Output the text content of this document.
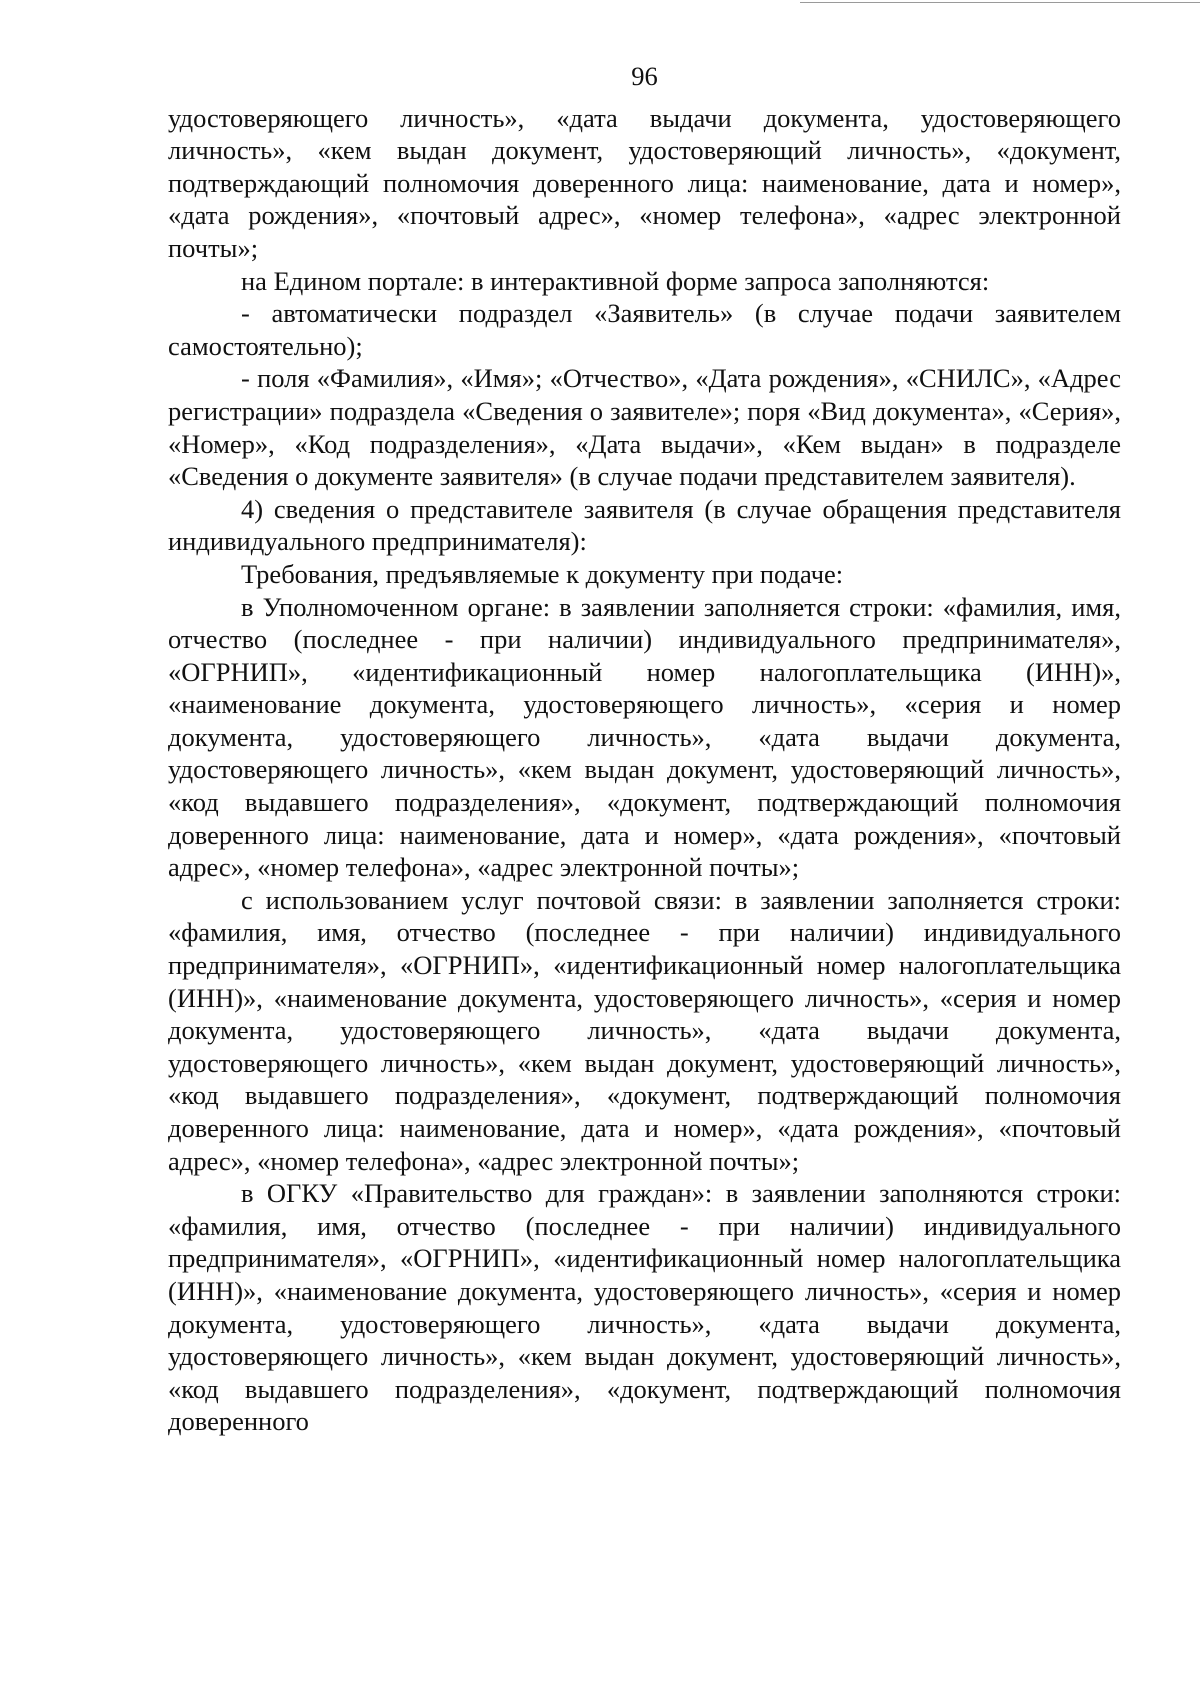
96

удостоверяющего личность», «дата выдачи документа, удостоверяющего личность», «кем выдан документ, удостоверяющий личность», «документ, подтверждающий полномочия доверенного лица: наименование, дата и номер», «дата рождения», «почтовый адрес», «номер телефона», «адрес электронной почты»;

на Едином портале: в интерактивной форме запроса заполняются:

- автоматически подраздел «Заявитель» (в случае подачи заявителем самостоятельно);

- поля «Фамилия», «Имя»; «Отчество», «Дата рождения», «СНИЛС», «Адрес регистрации» подраздела «Сведения о заявителе»; поря «Вид документа», «Серия», «Номер», «Код подразделения», «Дата выдачи», «Кем выдан» в подразделе «Сведения о документе заявителя» (в случае подачи представителем заявителя).

4) сведения о представителе заявителя (в случае обращения представителя индивидуального предпринимателя):

Требования, предъявляемые к документу при подаче:

в Уполномоченном органе: в заявлении заполняется строки: «фамилия, имя, отчество (последнее - при наличии) индивидуального предпринимателя», «ОГРНИП», «идентификационный номер налогоплательщика (ИНН)», «наименование документа, удостоверяющего личность», «серия и номер документа, удостоверяющего личность», «дата выдачи документа, удостоверяющего личность», «кем выдан документ, удостоверяющий личность», «код выдавшего подразделения», «документ, подтверждающий полномочия доверенного лица: наименование, дата и номер», «дата рождения», «почтовый адрес», «номер телефона», «адрес электронной почты»;

с использованием услуг почтовой связи: в заявлении заполняется строки: «фамилия, имя, отчество (последнее - при наличии) индивидуального предпринимателя», «ОГРНИП», «идентификационный номер налогоплательщика (ИНН)», «наименование документа, удостоверяющего личность», «серия и номер документа, удостоверяющего личность», «дата выдачи документа, удостоверяющего личность», «кем выдан документ, удостоверяющий личность», «код выдавшего подразделения», «документ, подтверждающий полномочия доверенного лица: наименование, дата и номер», «дата рождения», «почтовый адрес», «номер телефона», «адрес электронной почты»;

в ОГКУ «Правительство для граждан»: в заявлении заполняются строки: «фамилия, имя, отчество (последнее - при наличии) индивидуального предпринимателя», «ОГРНИП», «идентификационный номер налогоплательщика (ИНН)», «наименование документа, удостоверяющего личность», «серия и номер документа, удостоверяющего личность», «дата выдачи документа, удостоверяющего личность», «кем выдан документ, удостоверяющий личность», «код выдавшего подразделения», «документ, подтверждающий полномочия доверенного
